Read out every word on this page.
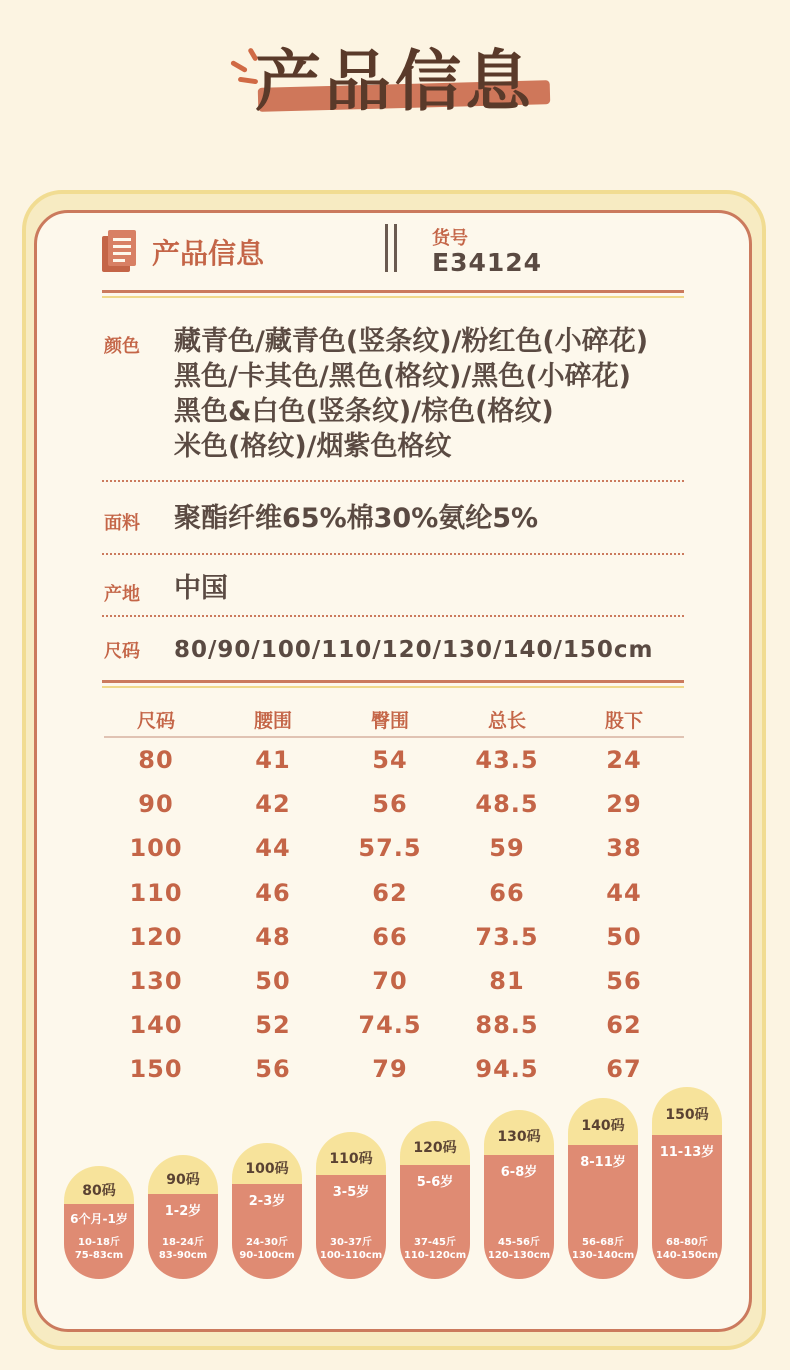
产品信息
产品信息	货号
E34124
颜色 藏青色/藏青色(竖条纹)/粉红色(小碎花)
黑色/卡其色/黑色(格纹)/黑色(小碎花)
黑色&白色(竖条纹)/棕色(格纹)
米色(格纹)/烟紫色格纹
面料 聚酯纤维65%棉30%氨纶5%
产地 中国
尺码 80/90/100/110/120/130/140/150cm
尺码	腰围	臀围	总长	股下
80	41	54	43.5	24
90	42	56	48.5	29
100	44	57.5	59	38
110	46	62	66	44
120	48	66	73.5	50
130	50	70	81	56
140	52	74.5	88.5	62
150	56	79	94.5	67
80码
6个月-1岁
10-18斤
75-83cm
90码
1-2岁
18-24斤
83-90cm
100码
2-3岁
24-30斤
90-100cm
110码
3-5岁
30-37斤
100-110cm
120码
5-6岁
37-45斤
110-120cm
130码
6-8岁
45-56斤
120-130cm
140码
8-11岁
56-68斤
130-140cm
150码
11-13岁
68-80斤
140-150cm
